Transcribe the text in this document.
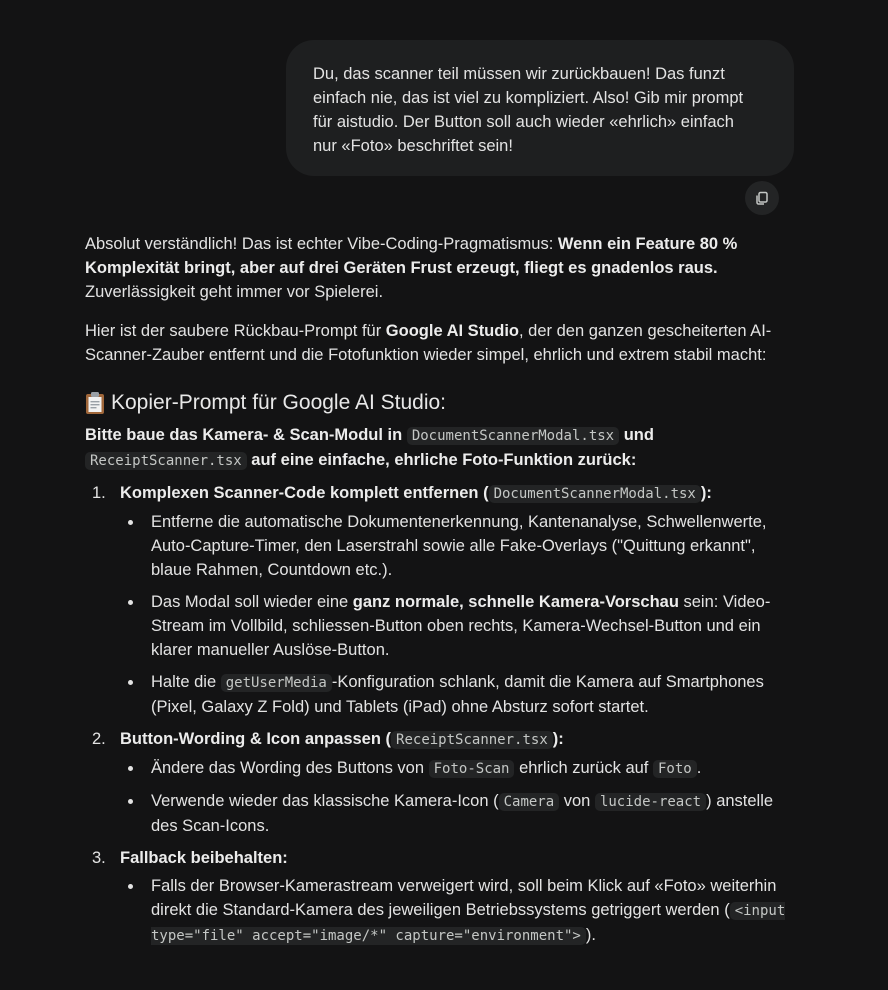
Du, das scanner teil müssen wir zurückbauen! Das funzt

einfach nie, das ist viel zu kompliziert. Also! Gib mir prompt

für aistudio. Der Button soll auch wieder «ehrlich» einfach

nur «Foto» beschriftet sein!

Absolut verständlich! Das ist echter Vibe-Coding-Pragmatismus: Wenn ein Feature 80 % Komplexität bringt, aber auf drei Geräten Frust erzeugt, fliegt es gnadenlos raus. Zuverlässigkeit geht immer vor Spielerei.

Hier ist der saubere Rückbau-Prompt für Google AI Studio, der den ganzen gescheiterten AI-Scanner-Zauber entfernt und die Fotofunktion wieder simpel, ehrlich und extrem stabil macht:

Kopier-Prompt für Google AI Studio:

Bitte baue das Kamera- & Scan-Modul in DocumentScannerModal.tsx und ReceiptScanner.tsx auf eine einfache, ehrliche Foto-Funktion zurück:

1. Komplexen Scanner-Code komplett entfernen ( DocumentScannerModal.tsx ):
Entferne die automatische Dokumentenerkennung, Kantenanalyse, Schwellenwerte, Auto-Capture-Timer, den Laserstrahl sowie alle Fake-Overlays ("Quittung erkannt", blaue Rahmen, Countdown etc.).
Das Modal soll wieder eine ganz normale, schnelle Kamera-Vorschau sein: Video-Stream im Vollbild, schliessen-Button oben rechts, Kamera-Wechsel-Button und ein klarer manueller Auslöse-Button.
Halte die getUserMedia -Konfiguration schlank, damit die Kamera auf Smartphones (Pixel, Galaxy Z Fold) und Tablets (iPad) ohne Absturz sofort startet.
2. Button-Wording & Icon anpassen ( ReceiptScanner.tsx ):
Ändere das Wording des Buttons von Foto-Scan ehrlich zurück auf Foto .
Verwende wieder das klassische Kamera-Icon ( Camera von lucide-react ) anstelle des Scan-Icons.
3. Fallback beibehalten:
Falls der Browser-Kamerastream verweigert wird, soll beim Klick auf «Foto» weiterhin direkt die Standard-Kamera des jeweiligen Betriebssystems getriggert werden ( <input type="file" accept="image/*" capture="environment"> ).
